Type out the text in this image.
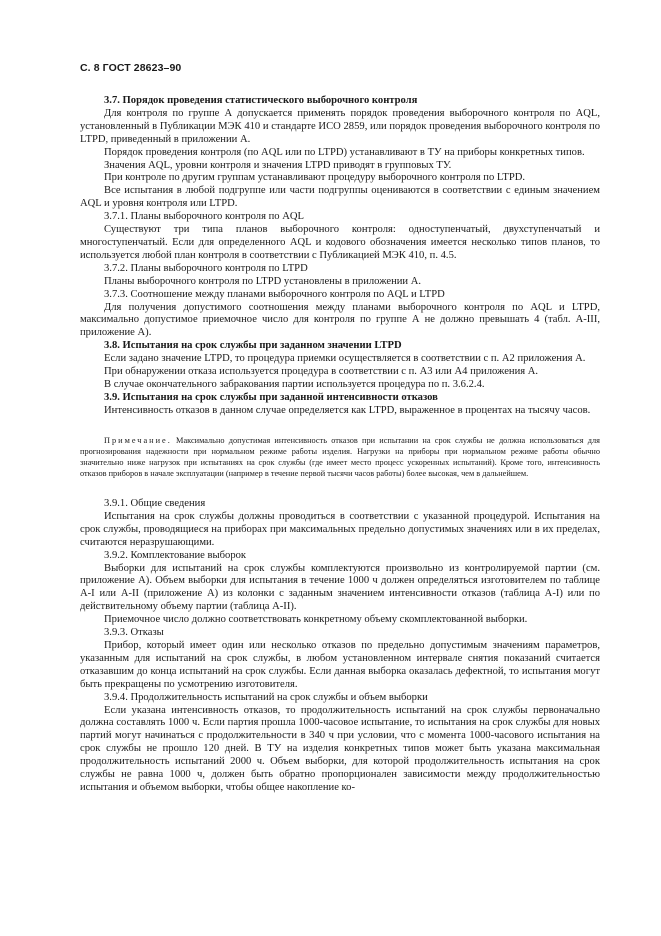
С. 8 ГОСТ 28623–90

3.7. Порядок проведения статистического выборочного контроля

Для контроля по группе А допускается применять порядок проведения выборочного контроля по AQL, установленный в Публикации МЭК 410 и стандарте ИСО 2859, или порядок проведения выборочного контроля по LTPD, приведенный в приложении А.

Порядок проведения контроля (по AQL или по LTPD) устанавливают в ТУ на приборы конкретных типов.

Значения AQL, уровни контроля и значения LTPD приводят в групповых ТУ.

При контроле по другим группам устанавливают процедуру выборочного контроля по LTPD.

Все испытания в любой подгруппе или части подгруппы оцениваются в соответствии с единым значением AQL и уровня контроля или LTPD.

3.7.1. Планы выборочного контроля по AQL

Существуют три типа планов выборочного контроля: одноступенчатый, двухступенчатый и многоступенчатый. Если для определенного AQL и кодового обозначения имеется несколько типов планов, то используется любой план контроля в соответствии с Публикацией МЭК 410, п. 4.5.

3.7.2. Планы выборочного контроля по LTPD

Планы выборочного контроля по LTPD установлены в приложении А.

3.7.3. Соотношение между планами выборочного контроля по AQL и LTPD

Для получения допустимого соотношения между планами выборочного контроля по AQL и LTPD, максимально допустимое приемочное число для контроля по группе А не должно превышать 4 (табл. A-III, приложение А).

3.8. Испытания на срок службы при заданном значении LTPD

Если задано значение LTPD, то процедура приемки осуществляется в соответствии с п. А2 приложения А.

При обнаружении отказа используется процедура в соответствии с п. А3 или А4 приложения А.

В случае окончательного забракования партии используется процедура по п. 3.6.2.4.

3.9. Испытания на срок службы при заданной интенсивности отказов

Интенсивность отказов в данном случае определяется как LTPD, выраженное в процентах на тысячу часов.

Примечание. Максимально допустимая интенсивность отказов при испытании на срок службы не должна использоваться для прогнозирования надежности при нормальном режиме работы изделия. Нагрузки на приборы при нормальном режиме работы обычно значительно ниже нагрузок при испытаниях на срок службы (где имеет место процесс ускоренных испытаний). Кроме того, интенсивность отказов приборов в начале эксплуатации (например в течение первой тысячи часов работы) более высокая, чем в дальнейшем.

3.9.1. Общие сведения

Испытания на срок службы должны проводиться в соответствии с указанной процедурой. Испытания на срок службы, проводящиеся на приборах при максимальных предельно допустимых значениях или в их пределах, считаются неразрушающими.

3.9.2. Комплектование выборок

Выборки для испытаний на срок службы комплектуются произвольно из контролируемой партии (см. приложение А). Объем выборки для испытания в течение 1000 ч должен определяться изготовителем по таблице A-I или A-II (приложение А) из колонки с заданным значением интенсивности отказов (таблица A-I) или по действительному объему партии (таблица A-II).

Приемочное число должно соответствовать конкретному объему скомплектованной выборки.

3.9.3. Отказы

Прибор, который имеет один или несколько отказов по предельно допустимым значениям параметров, указанным для испытаний на срок службы, в любом установленном интервале снятия показаний считается отказавшим до конца испытаний на срок службы. Если данная выборка оказалась дефектной, то испытания могут быть прекращены по усмотрению изготовителя.

3.9.4. Продолжительность испытаний на срок службы и объем выборки

Если указана интенсивность отказов, то продолжительность испытаний на срок службы первоначально должна составлять 1000 ч. Если партия прошла 1000-часовое испытание, то испытания на срок службы для новых партий могут начинаться с продолжительности в 340 ч при условии, что с момента 1000-часового испытания на срок службы не прошло 120 дней. В ТУ на изделия конкретных типов может быть указана максимальная продолжительность испытаний 2000 ч. Объем выборки, для которой продолжительность испытания на срок службы не равна 1000 ч, должен быть обратно пропорционален зависимости между продолжительностью испытания и объемом выборки, чтобы общее накопление ко-
